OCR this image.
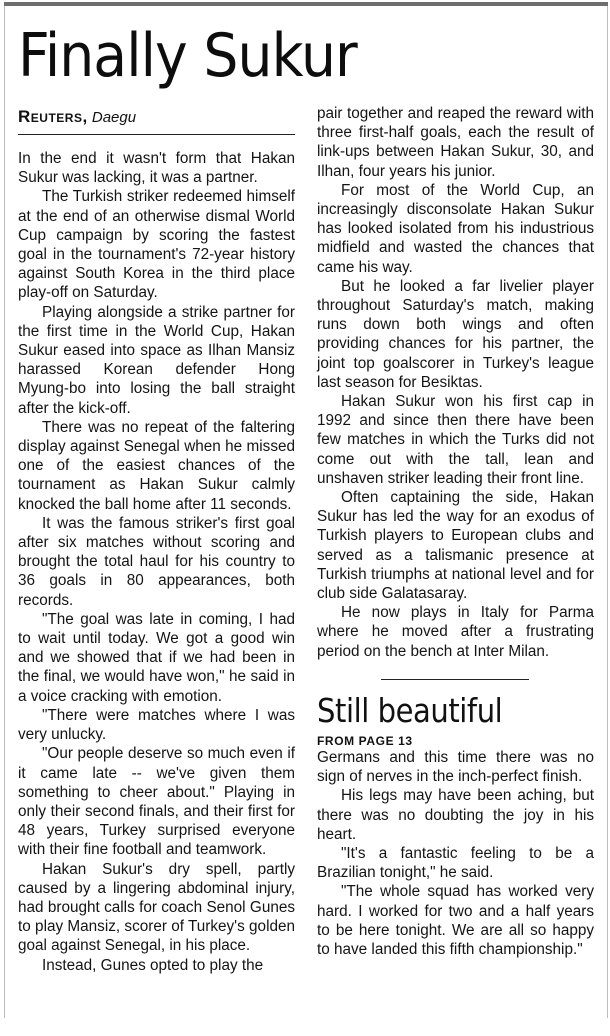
Finally Sukur
Reuters, Daegu

In the end it wasn't form that Hakan Sukur was lacking, it was a partner.

The Turkish striker redeemed himself at the end of an otherwise dismal World Cup campaign by scoring the fastest goal in the tournament's 72-year history against South Korea in the third place play-off on Saturday.

Playing alongside a strike partner for the first time in the World Cup, Hakan Sukur eased into space as Ilhan Mansiz harassed Korean defender Hong Myung-bo into losing the ball straight after the kick-off.

There was no repeat of the faltering display against Senegal when he missed one of the easiest chances of the tournament as Hakan Sukur calmly knocked the ball home after 11 seconds.

It was the famous striker's first goal after six matches without scoring and brought the total haul for his country to 36 goals in 80 appearances, both records.

"The goal was late in coming, I had to wait until today. We got a good win and we showed that if we had been in the final, we would have won," he said in a voice cracking with emotion.

"There were matches where I was very unlucky.

"Our people deserve so much even if it came late -- we've given them something to cheer about." Playing in only their second finals, and their first for 48 years, Turkey surprised everyone with their fine football and teamwork.

Hakan Sukur's dry spell, partly caused by a lingering abdominal injury, had brought calls for coach Senol Gunes to play Mansiz, scorer of Turkey's golden goal against Senegal, in his place.

Instead, Gunes opted to play the

pair together and reaped the reward with three first-half goals, each the result of link-ups between Hakan Sukur, 30, and Ilhan, four years his junior.

For most of the World Cup, an increasingly disconsolate Hakan Sukur has looked isolated from his industrious midfield and wasted the chances that came his way.

But he looked a far livelier player throughout Saturday's match, making runs down both wings and often providing chances for his partner, the joint top goalscorer in Turkey's league last season for Besiktas.

Hakan Sukur won his first cap in 1992 and since then there have been few matches in which the Turks did not come out with the tall, lean and unshaven striker leading their front line.

Often captaining the side, Hakan Sukur has led the way for an exodus of Turkish players to European clubs and served as a talismanic presence at Turkish triumphs at national level and for club side Galatasaray.

He now plays in Italy for Parma where he moved after a frustrating period on the bench at Inter Milan.

Still beautiful
FROM PAGE 13

Germans and this time there was no sign of nerves in the inch-perfect finish.

His legs may have been aching, but there was no doubting the joy in his heart.

"It's a fantastic feeling to be a Brazilian tonight," he said.

"The whole squad has worked very hard. I worked for two and a half years to be here tonight. We are all so happy to have landed this fifth championship."
